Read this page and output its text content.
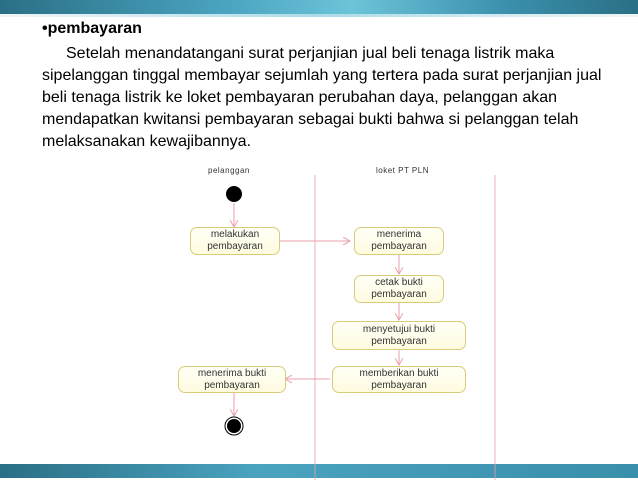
•pembayaran
Setelah menandatangani surat perjanjian jual beli tenaga listrik maka sipelanggan tinggal membayar sejumlah yang tertera pada surat perjanjian jual beli tenaga listrik ke loket pembayaran perubahan daya, pelanggan akan mendapatkan kwitansi pembayaran sebagai bukti bahwa si pelanggan telah melaksanakan kewajibannya.
pelanggan	loket PT PLN
melakukan pembayaran
menerima pembayaran
cetak bukti pembayaran
menyetujui bukti pembayaran
memberikan bukti pembayaran
menerima bukti pembayaran
